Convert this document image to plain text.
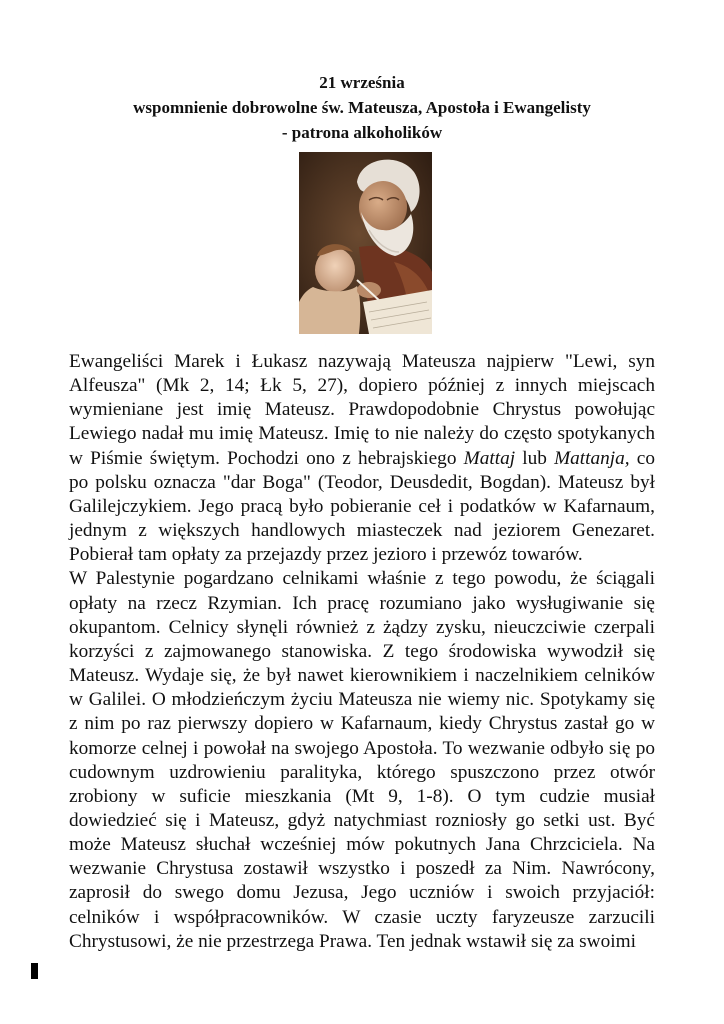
21 września
wspomnienie dobrowolne św. Mateusza, Apostoła i Ewangelisty
- patrona alkoholików

Ewangeliści Marek i Łukasz nazywają Mateusza najpierw "Lewi, syn Alfeusza" (Mk 2, 14; Łk 5, 27), dopiero później z innych miejscach wymieniane jest imię Mateusz. Prawdopodobnie Chrystus powołując Lewiego nadał mu imię Mateusz. Imię to nie należy do często spotykanych w Piśmie świętym. Pochodzi ono z hebrajskiego Mattaj lub Mattanja, co po polsku oznacza "dar Boga" (Teodor, Deusdedit, Bogdan). Mateusz był Galilejczykiem. Jego pracą było pobieranie ceł i podatków w Kafarnaum, jednym z większych handlowych miasteczek nad jeziorem Genezaret. Pobierał tam opłaty za przejazdy przez jezioro i przewóz towarów.

W Palestynie pogardzano celnikami właśnie z tego powodu, że ściągali opłaty na rzecz Rzymian. Ich pracę rozumiano jako wysługiwanie się okupantom. Celnicy słynęli również z żądzy zysku, nieuczciwie czerpali korzyści z zajmowanego stanowiska. Z tego środowiska wywodził się Mateusz. Wydaje się, że był nawet kierownikiem i naczelnikiem celników w Galilei. O młodzieńczym życiu Mateusza nie wiemy nic. Spotykamy się z nim po raz pierwszy dopiero w Kafarnaum, kiedy Chrystus zastał go w komorze celnej i powołał na swojego Apostoła. To wezwanie odbyło się po cudownym uzdrowieniu paralityka, którego spuszczono przez otwór zrobiony w suficie mieszkania (Mt 9, 1-8). O tym cudzie musiał dowiedzieć się i Mateusz, gdyż natychmiast rozniosły go setki ust. Być może Mateusz słuchał wcześniej mów pokutnych Jana Chrzciciela. Na wezwanie Chrystusa zostawił wszystko i poszedł za Nim. Nawrócony, zaprosił do swego domu Jezusa, Jego uczniów i swoich przyjaciół: celników i współpracowników. W czasie uczty faryzeusze zarzucili Chrystusowi, że nie przestrzega Prawa. Ten jednak wstawił się za swoimi
